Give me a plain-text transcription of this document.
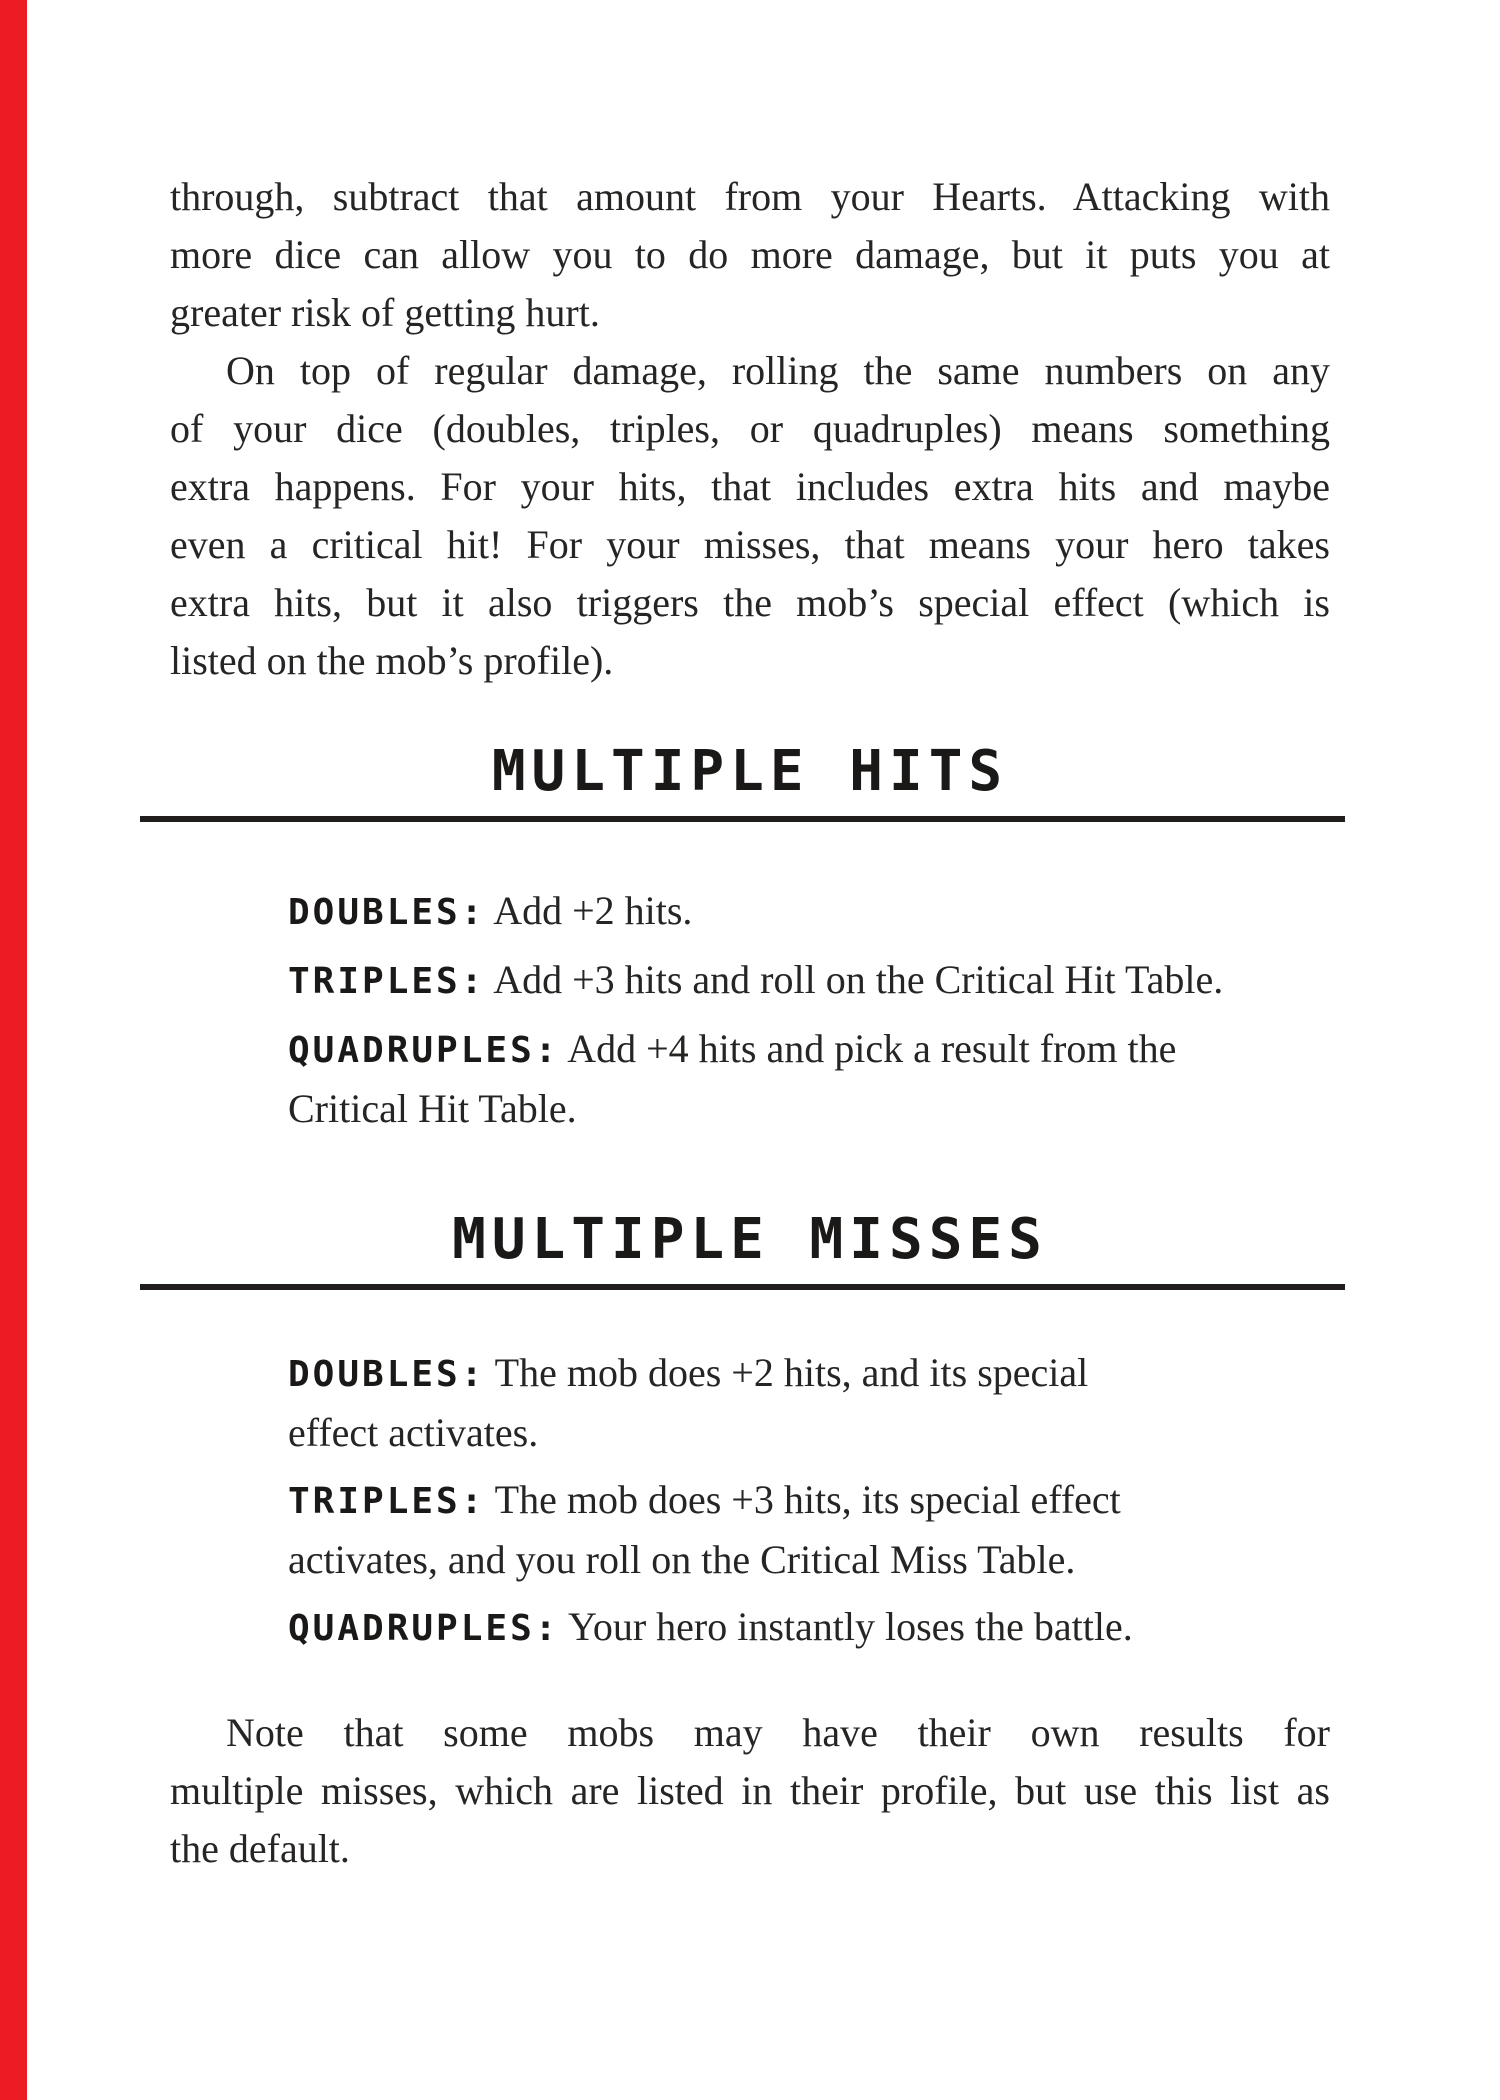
through, subtract that amount from your Hearts. Attacking with
more dice can allow you to do more damage, but it puts you at
greater risk of getting hurt.
On top of regular damage, rolling the same numbers on any
of your dice (doubles, triples, or quadruples) means something
extra happens. For your hits, that includes extra hits and maybe
even a critical hit! For your misses, that means your hero takes
extra hits, but it also triggers the mob’s special effect (which is
listed on the mob’s profile).
MULTIPLE HITS
DOUBLES: Add +2 hits.
TRIPLES: Add +3 hits and roll on the Critical Hit Table.
QUADRUPLES: Add +4 hits and pick a result from the
Critical Hit Table.
MULTIPLE MISSES
DOUBLES: The mob does +2 hits, and its special
effect activates.
TRIPLES: The mob does +3 hits, its special effect
activates, and you roll on the Critical Miss Table.
QUADRUPLES: Your hero instantly loses the battle.
Note that some mobs may have their own results for
multiple misses, which are listed in their profile, but use this list as
the default.
